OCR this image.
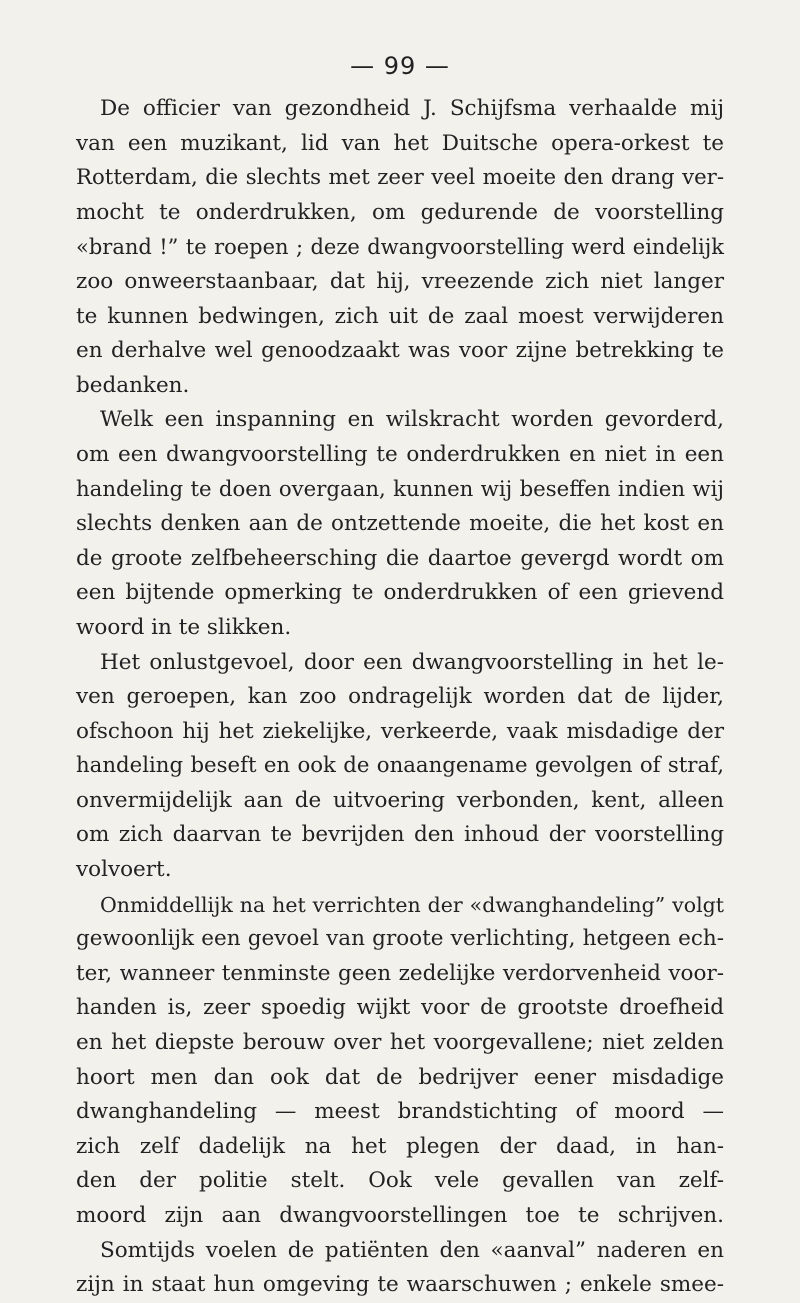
— 99 —
De officier van gezondheid J. Schijfsma verhaalde mij
van een muzikant, lid van het Duitsche opera-orkest te
Rotterdam, die slechts met zeer veel moeite den drang ver-
mocht te onderdrukken, om gedurende de voorstelling
«brand !” te roepen ; deze dwangvoorstelling werd eindelijk
zoo onweerstaanbaar, dat hij, vreezende zich niet langer
te kunnen bedwingen, zich uit de zaal moest verwijderen
en derhalve wel genoodzaakt was voor zijne betrekking te
bedanken.
Welk een inspanning en wilskracht worden gevorderd,
om een dwangvoorstelling te onderdrukken en niet in een
handeling te doen overgaan, kunnen wij beseffen indien wij
slechts denken aan de ontzettende moeite, die het kost en
de groote zelfbeheersching die daartoe gevergd wordt om
een bijtende opmerking te onderdrukken of een grievend
woord in te slikken.
Het onlustgevoel, door een dwangvoorstelling in het le-
ven geroepen, kan zoo ondragelijk worden dat de lijder,
ofschoon hij het ziekelijke, verkeerde, vaak misdadige der
handeling beseft en ook de onaangename gevolgen of straf,
onvermijdelijk aan de uitvoering verbonden, kent, alleen
om zich daarvan te bevrijden den inhoud der voorstelling
volvoert.
Onmiddellijk na het verrichten der «dwanghandeling” volgt
gewoonlijk een gevoel van groote verlichting, hetgeen ech-
ter, wanneer tenminste geen zedelijke verdorvenheid voor-
handen is, zeer spoedig wijkt voor de grootste droefheid
en het diepste berouw over het voorgevallene; niet zelden
hoort men dan ook dat de bedrijver eener misdadige
dwanghandeling — meest brandstichting of moord —
zich zelf dadelijk na het plegen der daad, in han-
den der politie stelt. Ook vele gevallen van zelf-
moord zijn aan dwangvoorstellingen toe te schrijven.
Somtijds voelen de patiënten den «aanval” naderen en
zijn in staat hun omgeving te waarschuwen ; enkele smee-
